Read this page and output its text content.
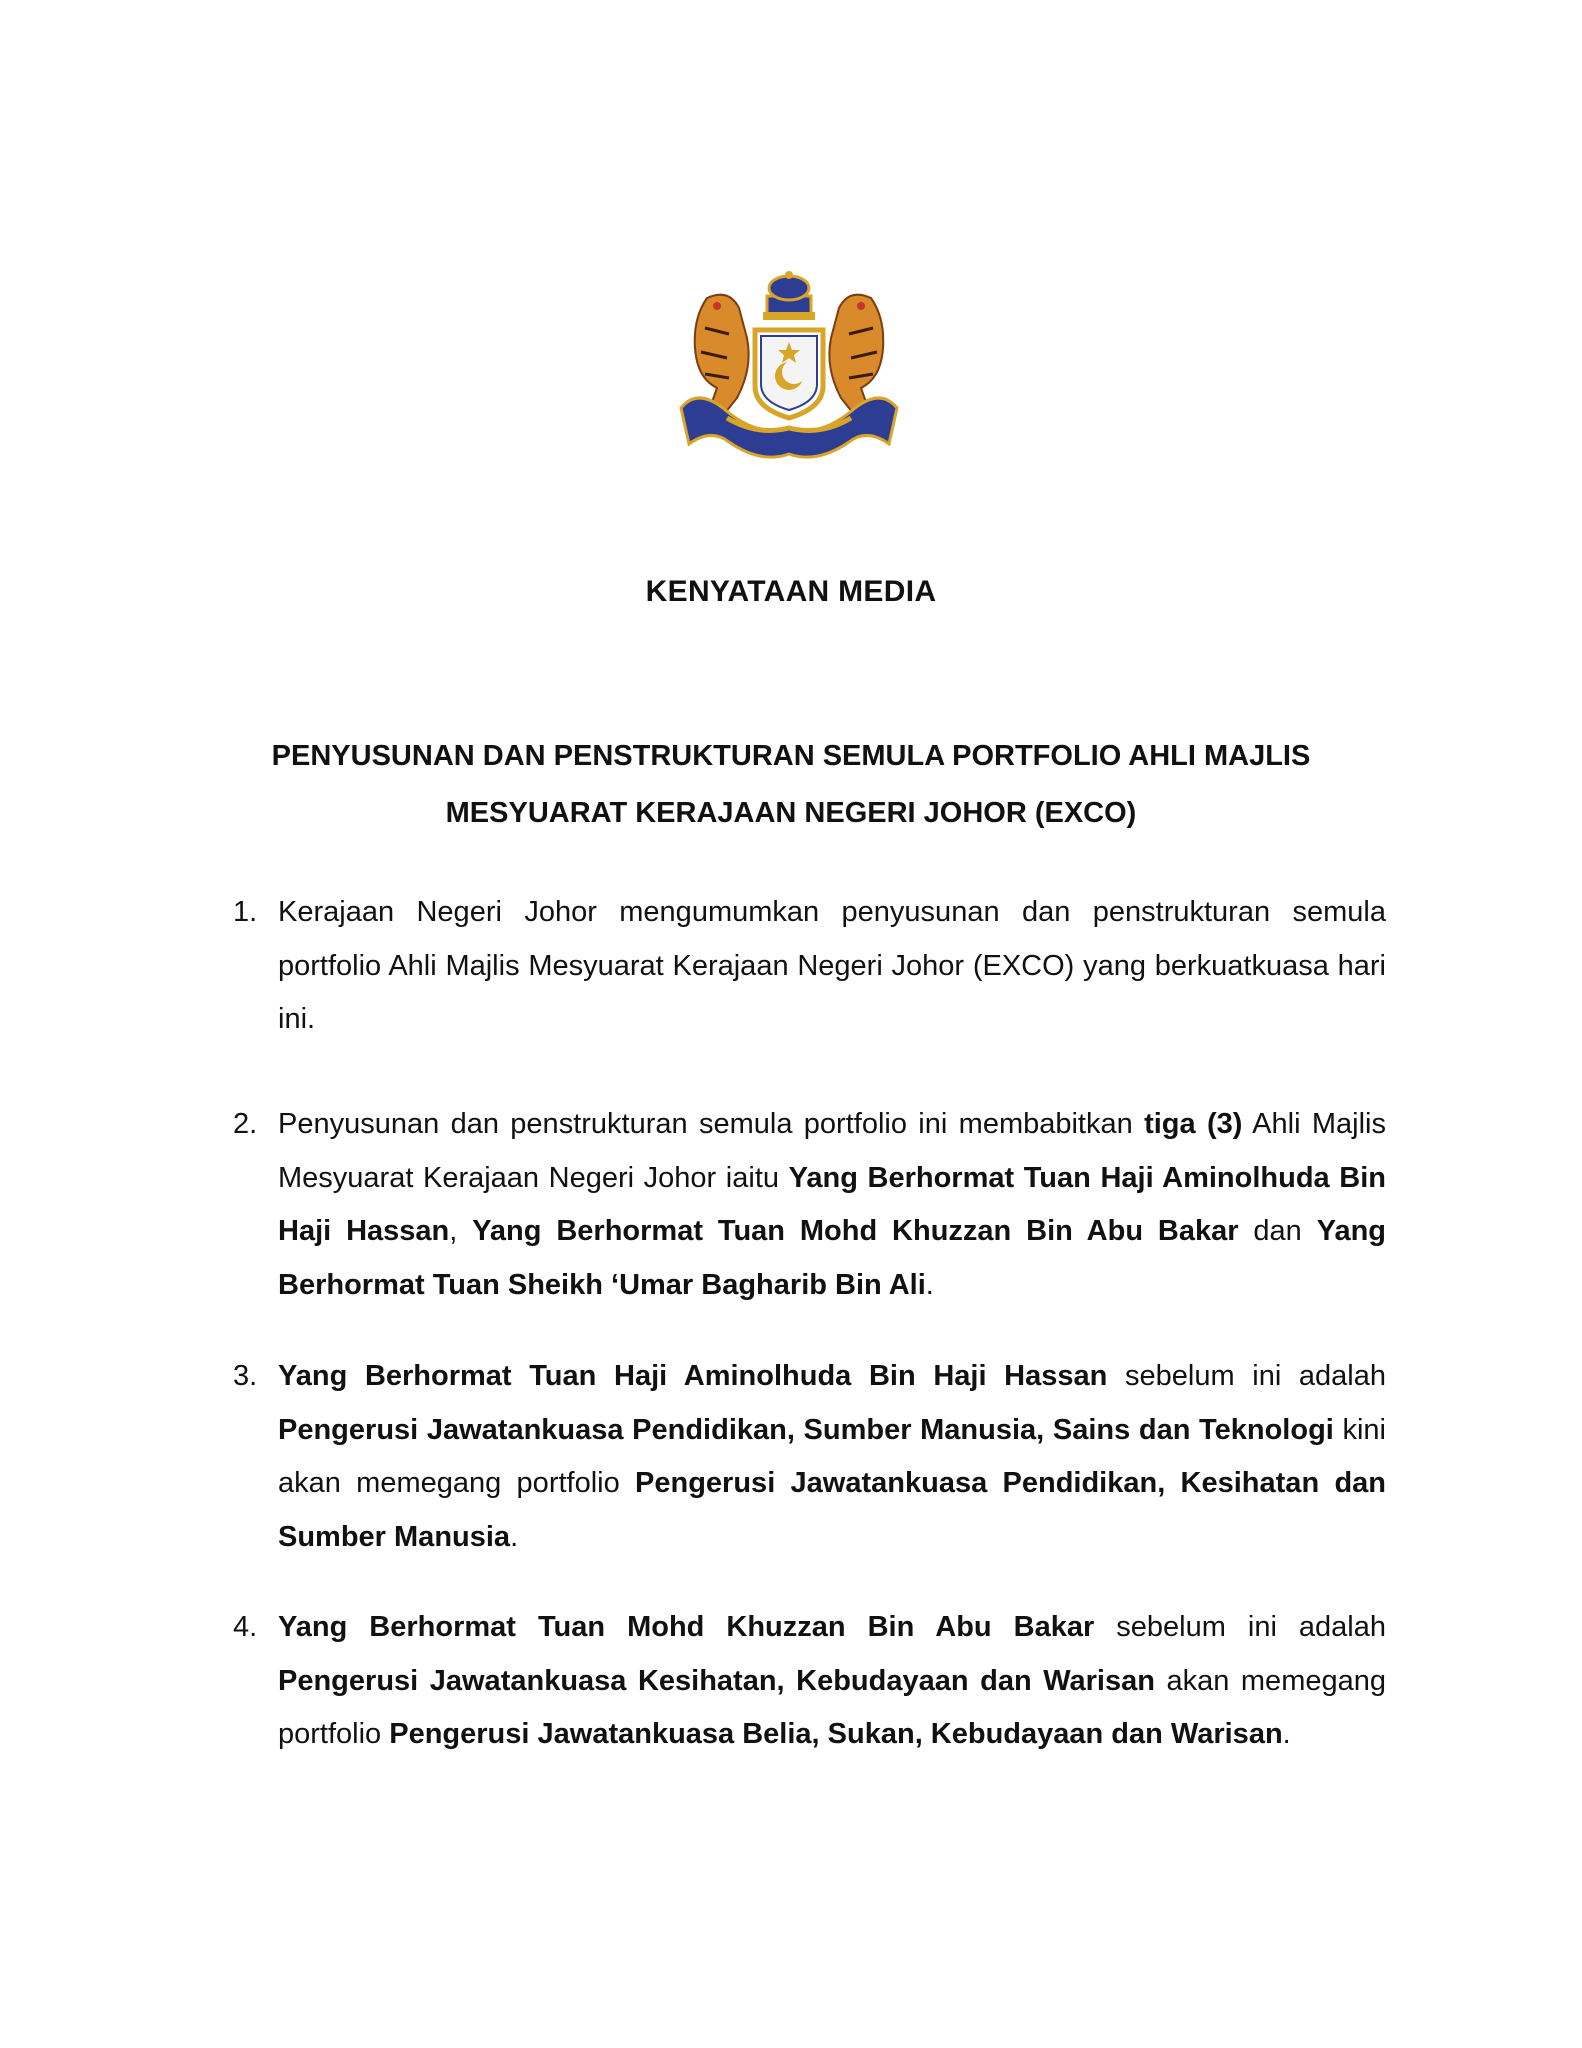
KENYATAAN MEDIA
PENYUSUNAN DAN PENSTRUKTURAN SEMULA PORTFOLIO AHLI MAJLIS
MESYUARAT KERAJAAN NEGERI JOHOR (EXCO)
1. Kerajaan Negeri Johor mengumumkan penyusunan dan penstrukturan semula portfolio Ahli Majlis Mesyuarat Kerajaan Negeri Johor (EXCO) yang berkuatkuasa hari ini.
2. Penyusunan dan penstrukturan semula portfolio ini membabitkan tiga (3) Ahli Majlis Mesyuarat Kerajaan Negeri Johor iaitu Yang Berhormat Tuan Haji Aminolhuda Bin Haji Hassan, Yang Berhormat Tuan Mohd Khuzzan Bin Abu Bakar dan Yang Berhormat Tuan Sheikh ‘Umar Bagharib Bin Ali.
3. Yang Berhormat Tuan Haji Aminolhuda Bin Haji Hassan sebelum ini adalah Pengerusi Jawatankuasa Pendidikan, Sumber Manusia, Sains dan Teknologi kini akan memegang portfolio Pengerusi Jawatankuasa Pendidikan, Kesihatan dan Sumber Manusia.
4. Yang Berhormat Tuan Mohd Khuzzan Bin Abu Bakar sebelum ini adalah Pengerusi Jawatankuasa Kesihatan, Kebudayaan dan Warisan akan memegang portfolio Pengerusi Jawatankuasa Belia, Sukan, Kebudayaan dan Warisan.
